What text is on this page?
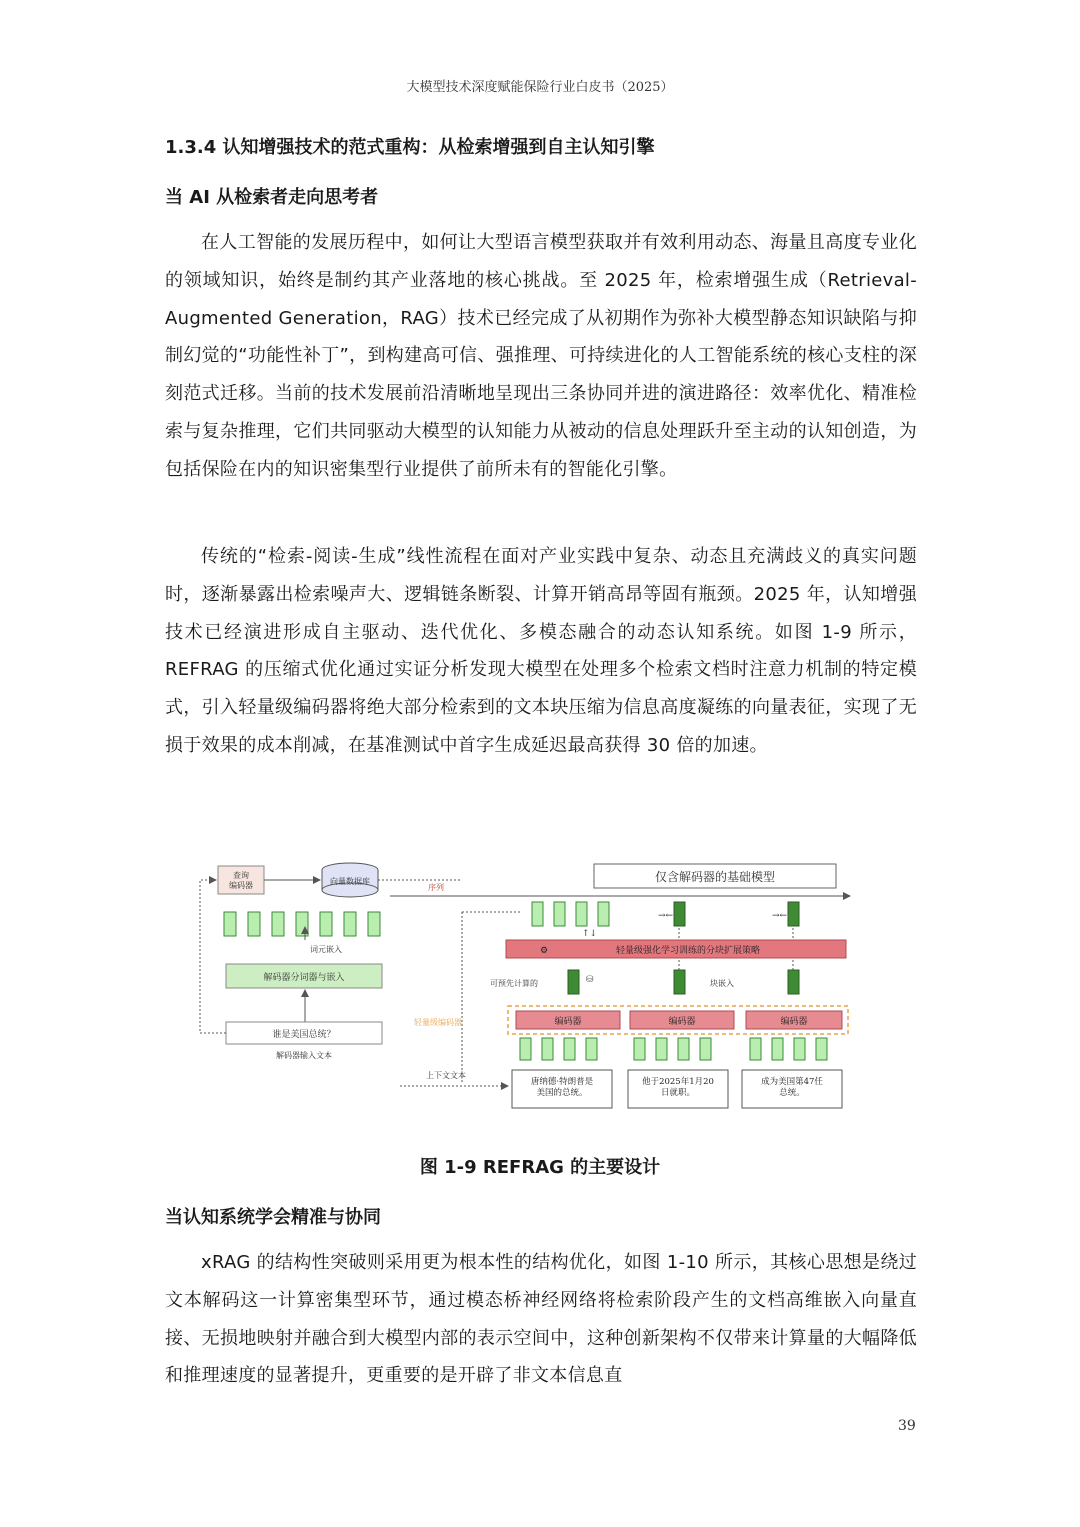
大模型技术深度赋能保险行业白皮书（2025）
1.3.4 认知增强技术的范式重构：从检索增强到自主认知引擎
当 AI 从检索者走向思考者

在人工智能的发展历程中，如何让大型语言模型获取并有效利用动态、海量且高度专业化的领域知识，始终是制约其产业落地的核心挑战。至 2025 年，检索增强生成（Retrieval-Augmented Generation，RAG）技术已经完成了从初期作为弥补大模型静态知识缺陷与抑制幻觉的“功能性补丁”，到构建高可信、强推理、可持续进化的人工智能系统的核心支柱的深刻范式迁移。当前的技术发展前沿清晰地呈现出三条协同并进的演进路径：效率优化、精准检索与复杂推理，它们共同驱动大模型的认知能力从被动的信息处理跃升至主动的认知创造，为包括保险在内的知识密集型行业提供了前所未有的智能化引擎。

传统的“检索-阅读-生成”线性流程在面对产业实践中复杂、动态且充满歧义的真实问题时，逐渐暴露出检索噪声大、逻辑链条断裂、计算开销高昂等固有瓶颈。2025 年，认知增强技术已经演进形成自主驱动、迭代优化、多模态融合的动态认知系统。如图 1-9 所示，REFRAG 的压缩式优化通过实证分析发现大模型在处理多个检索文档时注意力机制的特定模式，引入轻量级编码器将绝大部分检索到的文本块压缩为信息高度凝练的向量表征，实现了无损于效果的成本削减，在基准测试中首字生成延迟最高获得 30 倍的加速。

查询
编码器	向量数据库
序列
词元嵌入
解码器分词器与嵌入
谁是美国总统？
解码器输入文本
仅含解码器的基础模型
↑↓
→←	→←
⚙	轻量级强化学习训练的分块扩展策略
可预先计算的	⛁	块嵌入
轻量级编码器	编码器	编码器	编码器
上下文文本
唐纳德·特朗普是
美国的总统。
他于2025年1月20
日就职。
成为美国第47任
总统。

图 1-9 REFRAG 的主要设计

当认知系统学会精准与协同

xRAG 的结构性突破则采用更为根本性的结构优化，如图 1-10 所示，其核心思想是绕过文本解码这一计算密集型环节，通过模态桥神经网络将检索阶段产生的文档高维嵌入向量直接、无损地映射并融合到大模型内部的表示空间中，这种创新架构不仅带来计算量的大幅降低和推理速度的显著提升，更重要的是开辟了非文本信息直

39
